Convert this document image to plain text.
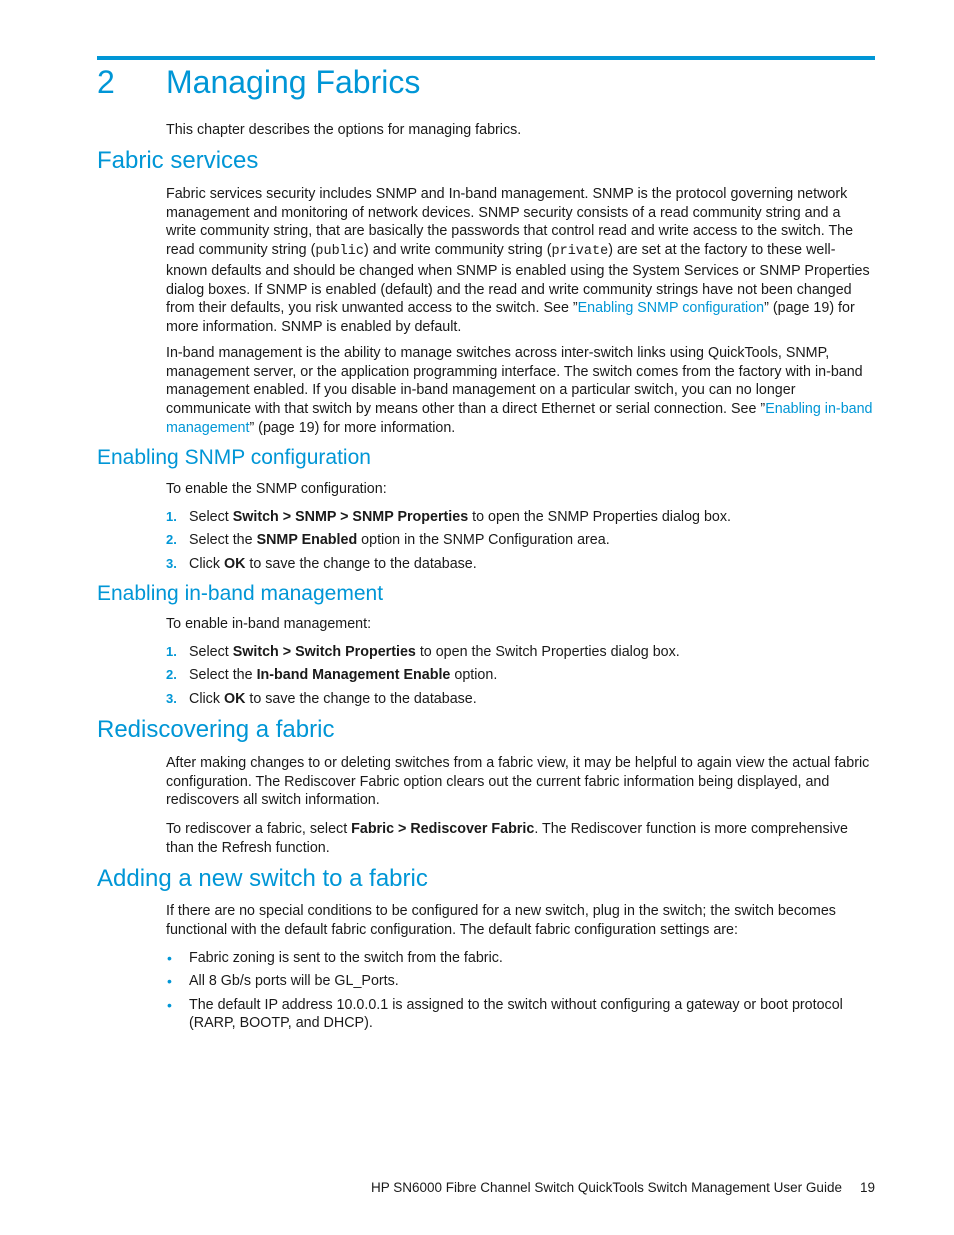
2 Managing Fabrics

This chapter describes the options for managing fabrics.

Fabric services

Fabric services security includes SNMP and In-band management. SNMP is the protocol governing network management and monitoring of network devices. SNMP security consists of a read community string and a write community string, that are basically the passwords that control read and write access to the switch. The read community string (public) and write community string (private) are set at the factory to these well-known defaults and should be changed when SNMP is enabled using the System Services or SNMP Properties dialog boxes. If SNMP is enabled (default) and the read and write community strings have not been changed from their defaults, you risk unwanted access to the switch. See ”Enabling SNMP configuration” (page 19) for more information. SNMP is enabled by default.

In-band management is the ability to manage switches across inter-switch links using QuickTools, SNMP, management server, or the application programming interface. The switch comes from the factory with in-band management enabled. If you disable in-band management on a particular switch, you can no longer communicate with that switch by means other than a direct Ethernet or serial connection. See ”Enabling in-band management” (page 19) for more information.

Enabling SNMP configuration

To enable the SNMP configuration:

1. Select Switch > SNMP > SNMP Properties to open the SNMP Properties dialog box.
2. Select the SNMP Enabled option in the SNMP Configuration area.
3. Click OK to save the change to the database.
Enabling in-band management

To enable in-band management:

1. Select Switch > Switch Properties to open the Switch Properties dialog box.
2. Select the In-band Management Enable option.
3. Click OK to save the change to the database.
Rediscovering a fabric

After making changes to or deleting switches from a fabric view, it may be helpful to again view the actual fabric configuration. The Rediscover Fabric option clears out the current fabric information being displayed, and rediscovers all switch information.

To rediscover a fabric, select Fabric > Rediscover Fabric. The Rediscover function is more comprehensive than the Refresh function.

Adding a new switch to a fabric

If there are no special conditions to be configured for a new switch, plug in the switch; the switch becomes functional with the default fabric configuration. The default fabric configuration settings are:

• Fabric zoning is sent to the switch from the fabric.
• All 8 Gb/s ports will be GL_Ports.
• The default IP address 10.0.0.1 is assigned to the switch without configuring a gateway or boot protocol (RARP, BOOTP, and DHCP).
HP SN6000 Fibre Channel Switch QuickTools Switch Management User Guide 19
